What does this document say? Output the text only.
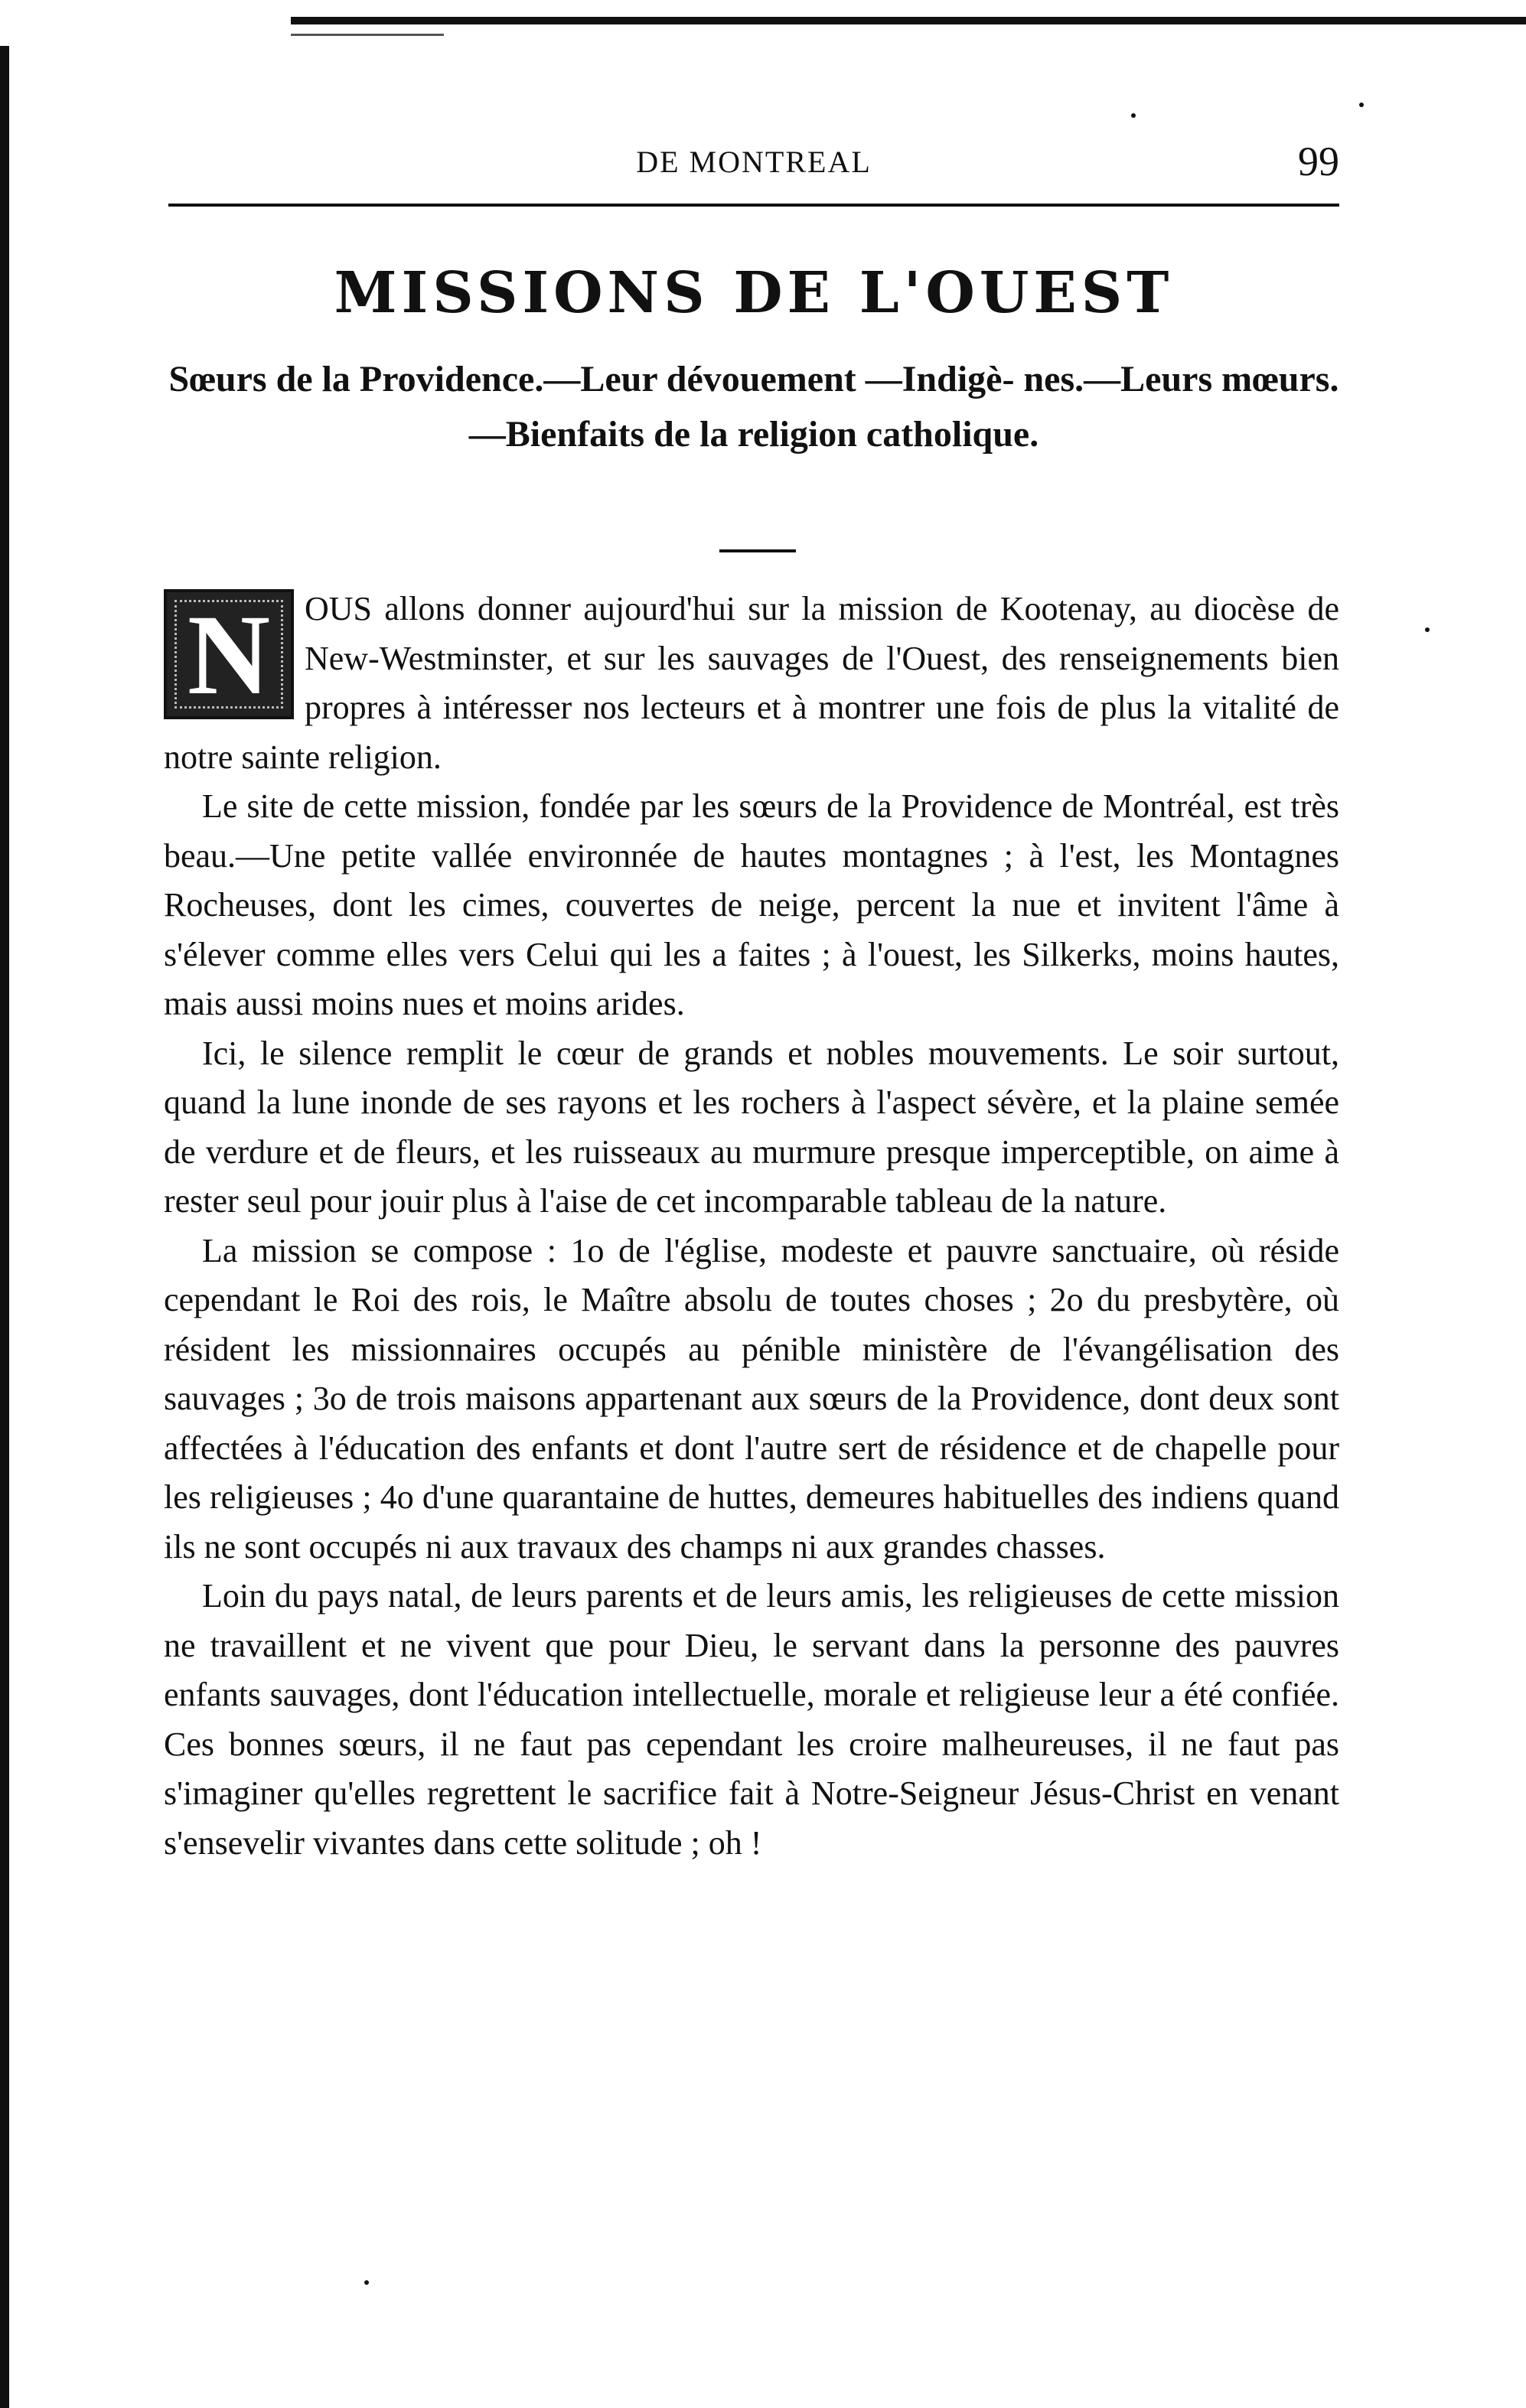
DE MONTREAL	99
MISSIONS DE L'OUEST
Sœurs de la Providence.—Leur dévouement —Indigè- nes.—Leurs mœurs.—Bienfaits de la religion catholique.
N	OUS allons donner aujourd'hui sur la mission de Kootenay, au diocèse de New-Westminster, et sur les sauvages de l'Ouest, des renseignements bien propres à intéresser nos lecteurs et à montrer une fois de plus la vitalité de notre sainte religion.

Le site de cette mission, fondée par les sœurs de la Providence de Montréal, est très beau.—Une petite vallée environnée de hautes montagnes ; à l'est, les Montagnes Rocheuses, dont les cimes, couvertes de neige, percent la nue et invitent l'âme à s'élever comme elles vers Celui qui les a faites ; à l'ouest, les Silkerks, moins hautes, mais aussi moins nues et moins arides.

Ici, le silence remplit le cœur de grands et nobles mouvements. Le soir surtout, quand la lune inonde de ses rayons et les rochers à l'aspect sévère, et la plaine semée de verdure et de fleurs, et les ruisseaux au murmure presque imperceptible, on aime à rester seul pour jouir plus à l'aise de cet incomparable tableau de la nature.

La mission se compose : 1o de l'église, modeste et pauvre sanctuaire, où réside cependant le Roi des rois, le Maître absolu de toutes choses ; 2o du presbytère, où résident les missionnaires occupés au pénible ministère de l'évangélisation des sauvages ; 3o de trois maisons appartenant aux sœurs de la Providence, dont deux sont affectées à l'éducation des enfants et dont l'autre sert de résidence et de chapelle pour les religieuses ; 4o d'une quarantaine de huttes, demeures habituelles des indiens quand ils ne sont occupés ni aux travaux des champs ni aux grandes chasses.

Loin du pays natal, de leurs parents et de leurs amis, les religieuses de cette mission ne travaillent et ne vivent que pour Dieu, le servant dans la personne des pauvres enfants sauvages, dont l'éducation intellectuelle, morale et religieuse leur a été confiée. Ces bonnes sœurs, il ne faut pas cependant les croire malheureuses, il ne faut pas s'imaginer qu'elles regrettent le sacrifice fait à Notre-Seigneur Jésus-Christ en venant s'ensevelir vivantes dans cette solitude ; oh !
